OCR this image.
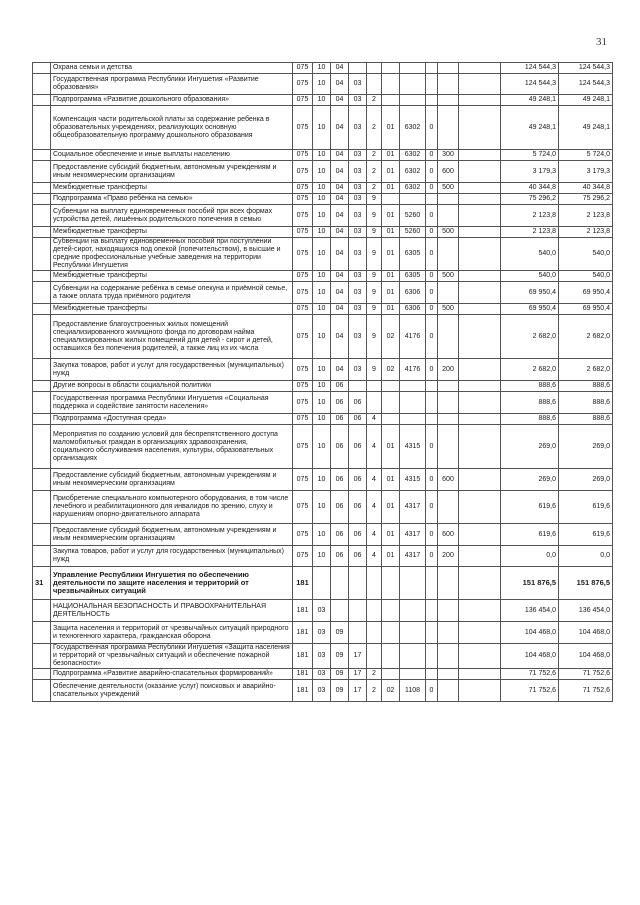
31
	Охрана семьи и детства	075	10	04								124 544,3	124 544,3
	Государственная программа Республики Ингушетия «Развитие образования»	075	10	04	03							124 544,3	124 544,3
	Подпрограмма «Развитие дошкольного образования»	075	10	04	03	2						49 248,1	49 248,1
	Компенсация части родительской платы за содержание ребенка в образовательных учреждениях, реализующих основную общеобразовательную программу дошкольного образования	075	10	04	03	2	01	6302	0			49 248,1	49 248,1
	Социальное обеспечение и иные выплаты населению	075	10	04	03	2	01	6302	0	300		5 724,0	5 724,0
	Предоставление субсидий бюджетным, автономным учреждениям и иным некоммерческим организациям	075	10	04	03	2	01	6302	0	600		3 179,3	3 179,3
	Межбюджетные трансферты	075	10	04	03	2	01	6302	0	500		40 344,8	40 344,8
	Подпрограмма «Право ребёнка на семью»	075	10	04	03	9						75 296,2	75 296,2
	Субвенции на выплату единовременных пособий при всех формах устройства детей, лишённых родительского попечения в семью	075	10	04	03	9	01	5260	0			2 123,8	2 123,8
	Межбюджетные трансферты	075	10	04	03	9	01	5260	0	500		2 123,8	2 123,8
	Субвенции на выплату единовременных пособий при поступлении детей-сирот, находящихся под опекой (попечительством), в высшие и средние профессиональные учебные заведения на территории Республики Ингушетия	075	10	04	03	9	01	6305	0			540,0	540,0
	Межбюджетные трансферты	075	10	04	03	9	01	6305	0	500		540,0	540,0
	Субвенции на содержание ребёнка в семье опекуна и приёмной семье, а также оплата труда приёмного родителя	075	10	04	03	9	01	6306	0			69 950,4	69 950,4
	Межбюджетные трансферты	075	10	04	03	9	01	6306	0	500		69 950,4	69 950,4
	Предоставление благоустроенных жилых помещений специализированного жилищного фонда по договорам найма специализированных жилых помещений для детей - сирот и детей, оставшихся без попечения родителей, а также лиц из их числа	075	10	04	03	9	02	4176	0			2 682,0	2 682,0
	Закупка товаров, работ и услуг для государственных (муниципальных) нужд	075	10	04	03	9	02	4176	0	200		2 682,0	2 682,0
	Другие вопросы в области социальной политики	075	10	06								888,6	888,6
	Государственная программа Республики Ингушетия «Социальная поддержка и содействие занятости населения»	075	10	06	06							888,6	888,6
	Подпрограмма «Доступная среда»	075	10	06	06	4						888,6	888,6
	Мероприятия по созданию условий для беспрепятственного доступа маломобильных граждан в организациях здравоохранения, социального обслуживания населения, культуры, образовательных организациях	075	10	06	06	4	01	4315	0			269,0	269,0
	Предоставление субсидий бюджетным, автономным учреждениям и иным некоммерческим организациям	075	10	06	06	4	01	4315	0	600		269,0	269,0
	Приобретение специального компьютерного оборудования, в том числе лечебного и реабилитационного для инвалидов по зрению, слуху и нарушениям опорно-двигательного аппарата	075	10	06	06	4	01	4317	0			619,6	619,6
	Предоставление субсидий бюджетным, автономным учреждениям и иным некоммерческим организациям	075	10	06	06	4	01	4317	0	600		619,6	619,6
	Закупка товаров, работ и услуг для государственных (муниципальных) нужд	075	10	06	06	4	01	4317	0	200		0,0	0,0
31	Управление Республики Ингушетия по обеспечению деятельности по защите населения и территорий от чрезвычайных ситуаций	181										151 876,5	151 876,5
	НАЦИОНАЛЬНАЯ БЕЗОПАСНОСТЬ И ПРАВООХРАНИТЕЛЬНАЯ ДЕЯТЕЛЬНОСТЬ	181	03									136 454,0	136 454,0
	Защита населения и территорий от чрезвычайных ситуаций природного и техногенного характера, гражданская оборона	181	03	09								104 468,0	104 468,0
	Государственная программа Республики Ингушетия «Защита населения и территорий от чрезвычайных ситуаций и обеспечение пожарной безопасности»	181	03	09	17							104 468,0	104 468,0
	Подпрограмма «Развитие аварийно-спасательных формирований»	181	03	09	17	2						71 752,6	71 752,6
	Обеспечение деятельности (оказание услуг) поисковых и аварийно-спасательных учреждений	181	03	09	17	2	02	1108	0			71 752,6	71 752,6
